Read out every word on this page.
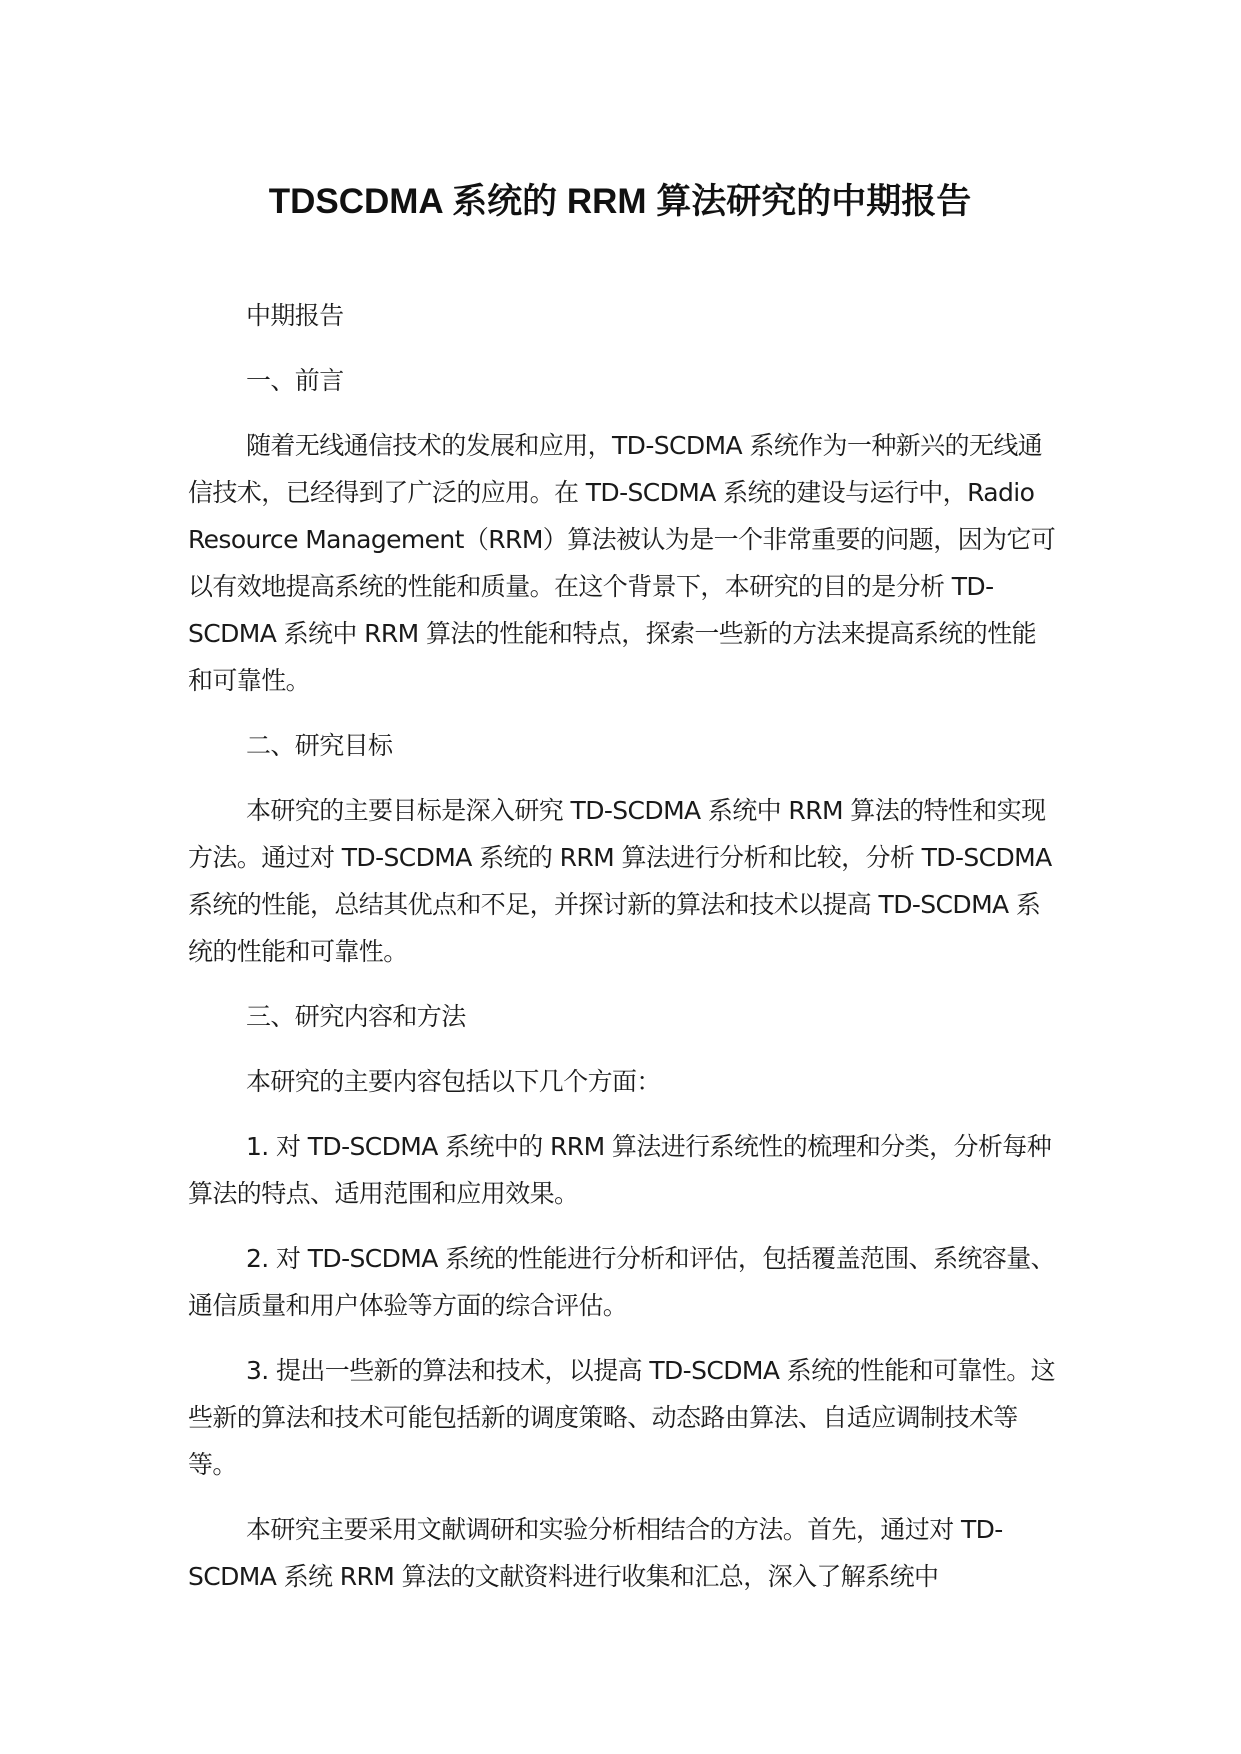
TDSCDMA 系统的 RRM 算法研究的中期报告

中期报告

一、前言

随着无线通信技术的发展和应用，TD-SCDMA 系统作为一种新兴的无线通信技术，已经得到了广泛的应用。在 TD-SCDMA 系统的建设与运行中，Radio Resource Management（RRM）算法被认为是一个非常重要的问题，因为它可以有效地提高系统的性能和质量。在这个背景下，本研究的目的是分析 TD-SCDMA 系统中 RRM 算法的性能和特点，探索一些新的方法来提高系统的性能和可靠性。

二、研究目标

本研究的主要目标是深入研究 TD-SCDMA 系统中 RRM 算法的特性和实现方法。通过对 TD-SCDMA 系统的 RRM 算法进行分析和比较，分析 TD-SCDMA 系统的性能，总结其优点和不足，并探讨新的算法和技术以提高 TD-SCDMA 系统的性能和可靠性。

三、研究内容和方法

本研究的主要内容包括以下几个方面：

1. 对 TD-SCDMA 系统中的 RRM 算法进行系统性的梳理和分类，分析每种算法的特点、适用范围和应用效果。

2. 对 TD-SCDMA 系统的性能进行分析和评估，包括覆盖范围、系统容量、通信质量和用户体验等方面的综合评估。

3. 提出一些新的算法和技术，以提高 TD-SCDMA 系统的性能和可靠性。这些新的算法和技术可能包括新的调度策略、动态路由算法、自适应调制技术等等。

本研究主要采用文献调研和实验分析相结合的方法。首先，通过对 TD-SCDMA 系统 RRM 算法的文献资料进行收集和汇总，深入了解系统中
